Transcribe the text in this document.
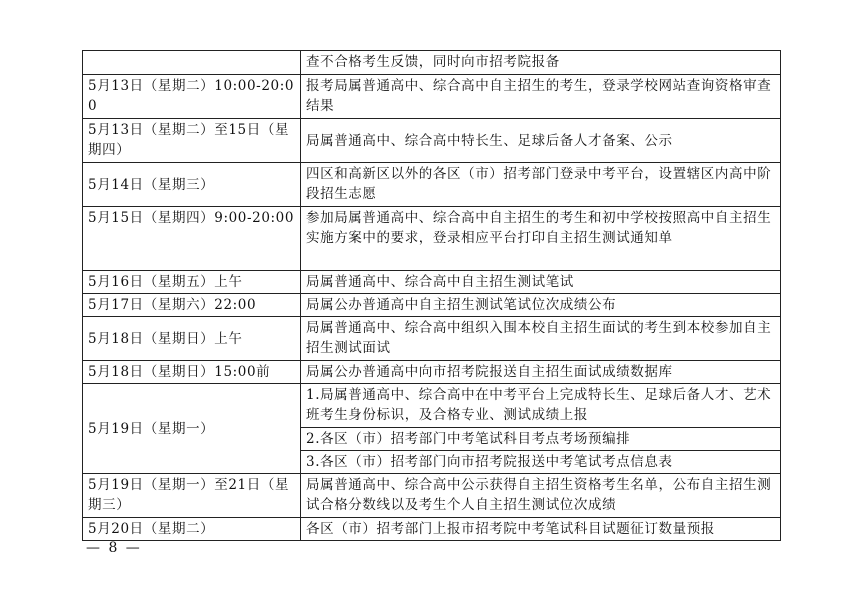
	查不合格考生反馈，同时向市招考院报备
5月13日（星期二）10:00-20:00	报考局属普通高中、综合高中自主招生的考生，登录学校网站查询资格审查结果
5月13日（星期二）至15日（星期四）	局属普通高中、综合高中特长生、足球后备人才备案、公示
5月14日（星期三）	四区和高新区以外的各区（市）招考部门登录中考平台，设置辖区内高中阶段招生志愿
5月15日（星期四）9:00-20:00	参加局属普通高中、综合高中自主招生的考生和初中学校按照高中自主招生实施方案中的要求，登录相应平台打印自主招生测试通知单
5月16日（星期五）上午	局属普通高中、综合高中自主招生测试笔试
5月17日（星期六）22:00	局属公办普通高中自主招生测试笔试位次成绩公布
5月18日（星期日）上午	局属普通高中、综合高中组织入围本校自主招生面试的考生到本校参加自主招生测试面试
5月18日（星期日）15:00前	局属公办普通高中向市招考院报送自主招生面试成绩数据库
5月19日（星期一）	1.局属普通高中、综合高中在中考平台上完成特长生、足球后备人才、艺术班考生身份标识，及合格专业、测试成绩上报
	2.各区（市）招考部门中考笔试科目考点考场预编排
	3.各区（市）招考部门向市招考院报送中考笔试考点信息表
5月19日（星期一）至21日（星期三）	局属普通高中、综合高中公示获得自主招生资格考生名单，公布自主招生测试合格分数线以及考生个人自主招生测试位次成绩
5月20日（星期二）	各区（市）招考部门上报市招考院中考笔试科目试题征订数量预报
— 8 —
